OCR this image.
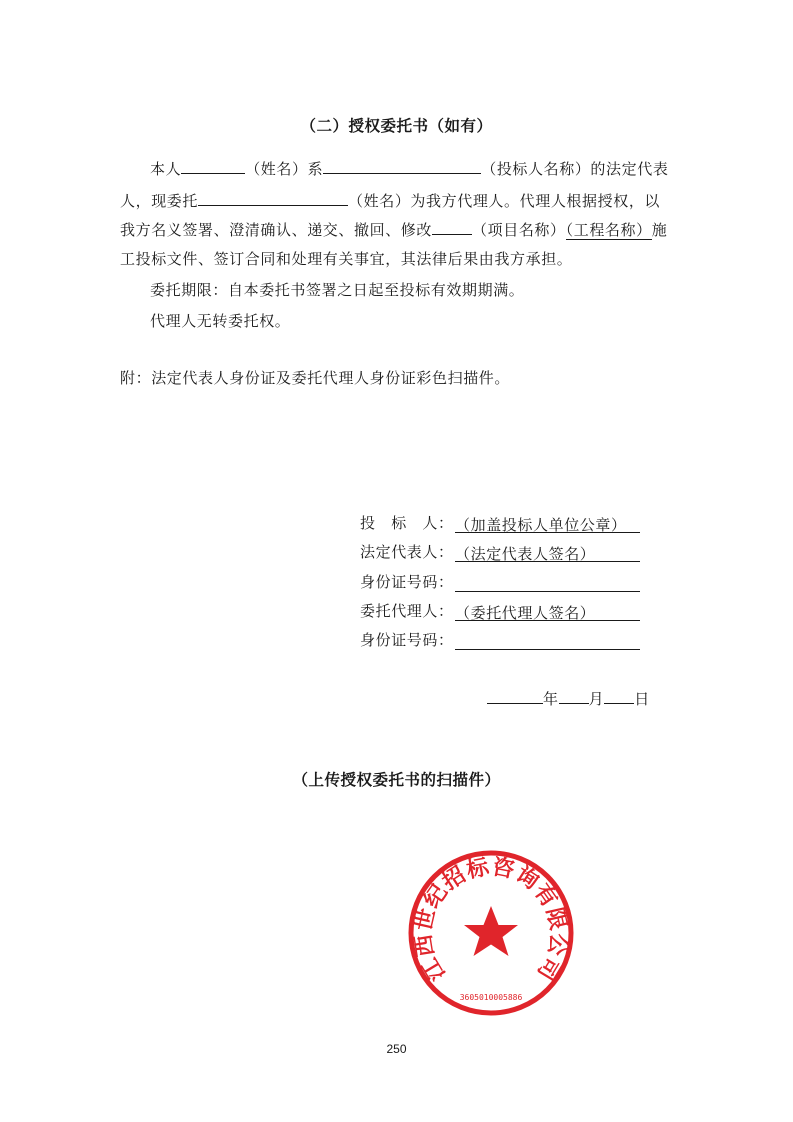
（二）授权委托书（如有）
本人	（姓名）系	（投标人名称）的法定代表
人，现委托	（姓名）为我方代理人。代理人根据授权，以
我方名义签署、澄清确认、递交、撤回、修改	（项目名称）（工程名称）施
工投标文件、签订合同和处理有关事宜，其法律后果由我方承担。
委托期限：自本委托书签署之日起至投标有效期期满。
代理人无转委托权。
附：法定代表人身份证及委托代理人身份证彩色扫描件。
投　标　人：（加盖投标人单位公章）
法定代表人：（法定代表人签名）
身份证号码：
委托代理人：（委托代理人签名）
身份证号码：
年 月 日
（上传授权委托书的扫描件）
江西世纪招标咨询有限公司
3605010005886
250
